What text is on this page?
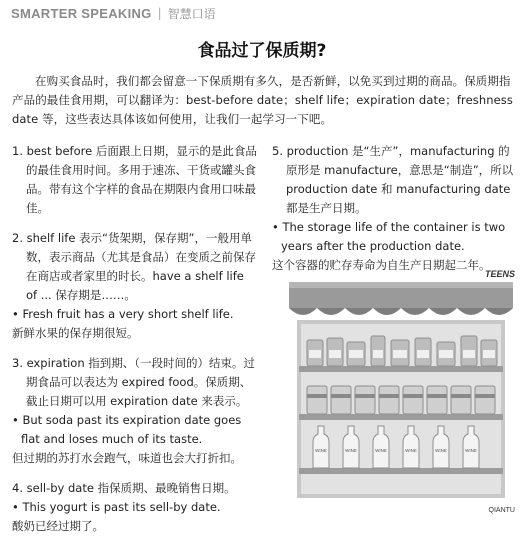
SMARTER SPEAKING | 智慧口语
食品过了保质期?

在购买食品时，我们都会留意一下保质期有多久，是否新鲜，以免买到过期的商品。保质期指产品的最佳食用期，可以翻译为：best-before date；shelf life；expiration date；freshness date 等，这些表达具体该如何使用，让我们一起学习一下吧。

1. best before 后面跟上日期，显示的是此食品的最佳食用时间。多用于速冻、干货或罐头食品。带有这个字样的食品在期限内食用口味最佳。

2. shelf life 表示“货架期，保存期”，一般用单数，表示商品（尤其是食品）在变质之前保存在商店或者家里的时长。have a shelf life of ... 保存期是……。

• Fresh fruit has a very short shelf life.

新鲜水果的保存期很短。

3. expiration 指到期、（一段时间的）结束。过期食品可以表达为 expired food。保质期、截止日期可以用 expiration date 来表示。

• But soda past its expiration date goes flat and loses much of its taste.

但过期的苏打水会跑气，味道也会大打折扣。

4. sell-by date 指保质期、最晚销售日期。

• This yogurt is past its sell-by date.

酸奶已经过期了。

5. production 是“生产”，manufacturing 的原形是 manufacture，意思是“制造”，所以 production date 和 manufacturing date 都是生产日期。

• The storage life of the container is two years after the production date.

这个容器的贮存寿命为自生产日期起二年。

TEENS
WINE	WINE	WINE	WINE	WINE	WINE
QIANTU
